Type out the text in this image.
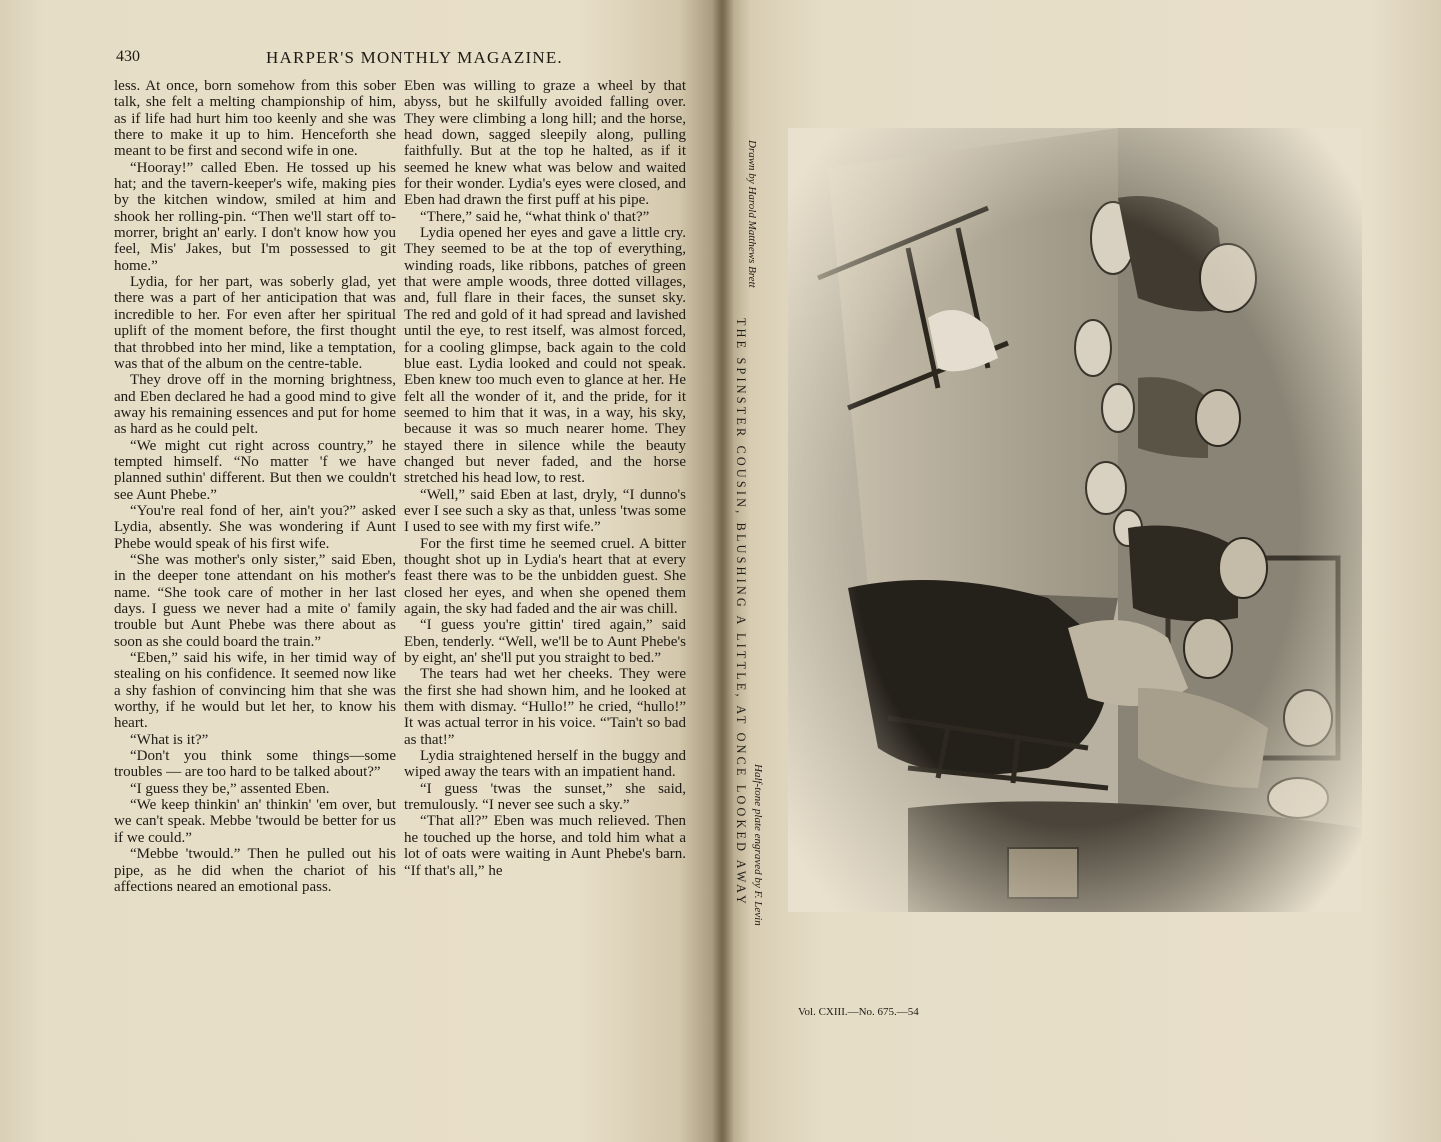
430	HARPER'S MONTHLY MAGAZINE.

less. At once, born somehow from this sober talk, she felt a melting championship of him, as if life had hurt him too keenly and she was there to make it up to him. Henceforth she meant to be first and second wife in one.

“Hooray!” called Eben. He tossed up his hat; and the tavern-keeper's wife, making pies by the kitchen window, smiled at him and shook her rolling-pin. “Then we'll start off to-morrer, bright an' early. I don't know how you feel, Mis' Jakes, but I'm possessed to git home.”

Lydia, for her part, was soberly glad, yet there was a part of her anticipation that was incredible to her. For even after her spiritual uplift of the moment before, the first thought that throbbed into her mind, like a temptation, was that of the album on the centre-table.

They drove off in the morning brightness, and Eben declared he had a good mind to give away his remaining essences and put for home as hard as he could pelt.

“We might cut right across country,” he tempted himself. “No matter 'f we have planned suthin' different. But then we couldn't see Aunt Phebe.”

“You're real fond of her, ain't you?” asked Lydia, absently. She was wondering if Aunt Phebe would speak of his first wife.

“She was mother's only sister,” said Eben, in the deeper tone attendant on his mother's name. “She took care of mother in her last days. I guess we never had a mite o' family trouble but Aunt Phebe was there about as soon as she could board the train.”

“Eben,” said his wife, in her timid way of stealing on his confidence. It seemed now like a shy fashion of convincing him that she was worthy, if he would but let her, to know his heart.

“What is it?”

“Don't you think some things—some troubles — are too hard to be talked about?”

“I guess they be,” assented Eben.

“We keep thinkin' an' thinkin' 'em over, but we can't speak. Mebbe 'twould be better for us if we could.”

“Mebbe 'twould.” Then he pulled out his pipe, as he did when the chariot of his affections neared an emotional pass.

Eben was willing to graze a wheel by that abyss, but he skilfully avoided falling over. They were climbing a long hill; and the horse, head down, sagged sleepily along, pulling faithfully. But at the top he halted, as if it seemed he knew what was below and waited for their wonder. Lydia's eyes were closed, and Eben had drawn the first puff at his pipe.

“There,” said he, “what think o' that?”

Lydia opened her eyes and gave a little cry. They seemed to be at the top of everything, winding roads, like ribbons, patches of green that were ample woods, three dotted villages, and, full flare in their faces, the sunset sky. The red and gold of it had spread and lavished until the eye, to rest itself, was almost forced, for a cooling glimpse, back again to the cold blue east. Lydia looked and could not speak. Eben knew too much even to glance at her. He felt all the wonder of it, and the pride, for it seemed to him that it was, in a way, his sky, because it was so much nearer home. They stayed there in silence while the beauty changed but never faded, and the horse stretched his head low, to rest.

“Well,” said Eben at last, dryly, “I dunno's ever I see such a sky as that, unless 'twas some I used to see with my first wife.”

For the first time he seemed cruel. A bitter thought shot up in Lydia's heart that at every feast there was to be the unbidden guest. She closed her eyes, and when she opened them again, the sky had faded and the air was chill.

“I guess you're gittin' tired again,” said Eben, tenderly. “Well, we'll be to Aunt Phebe's by eight, an' she'll put you straight to bed.”

The tears had wet her cheeks. They were the first she had shown him, and he looked at them with dismay. “Hullo!” he cried, “hullo!” It was actual terror in his voice. “'Tain't so bad as that!”

Lydia straightened herself in the buggy and wiped away the tears with an impatient hand.

“I guess 'twas the sunset,” she said, tremulously. “I never see such a sky.”

“That all?” Eben was much relieved. Then he touched up the horse, and told him what a lot of oats were waiting in Aunt Phebe's barn. “If that's all,” he

Drawn by Harold Matthews Brett
THE SPINSTER COUSIN, BLUSHING A LITTLE, AT ONCE LOOKED AWAY Half-tone plate engraved by F. Levin
Vol. CXIII.—No. 675.—54
